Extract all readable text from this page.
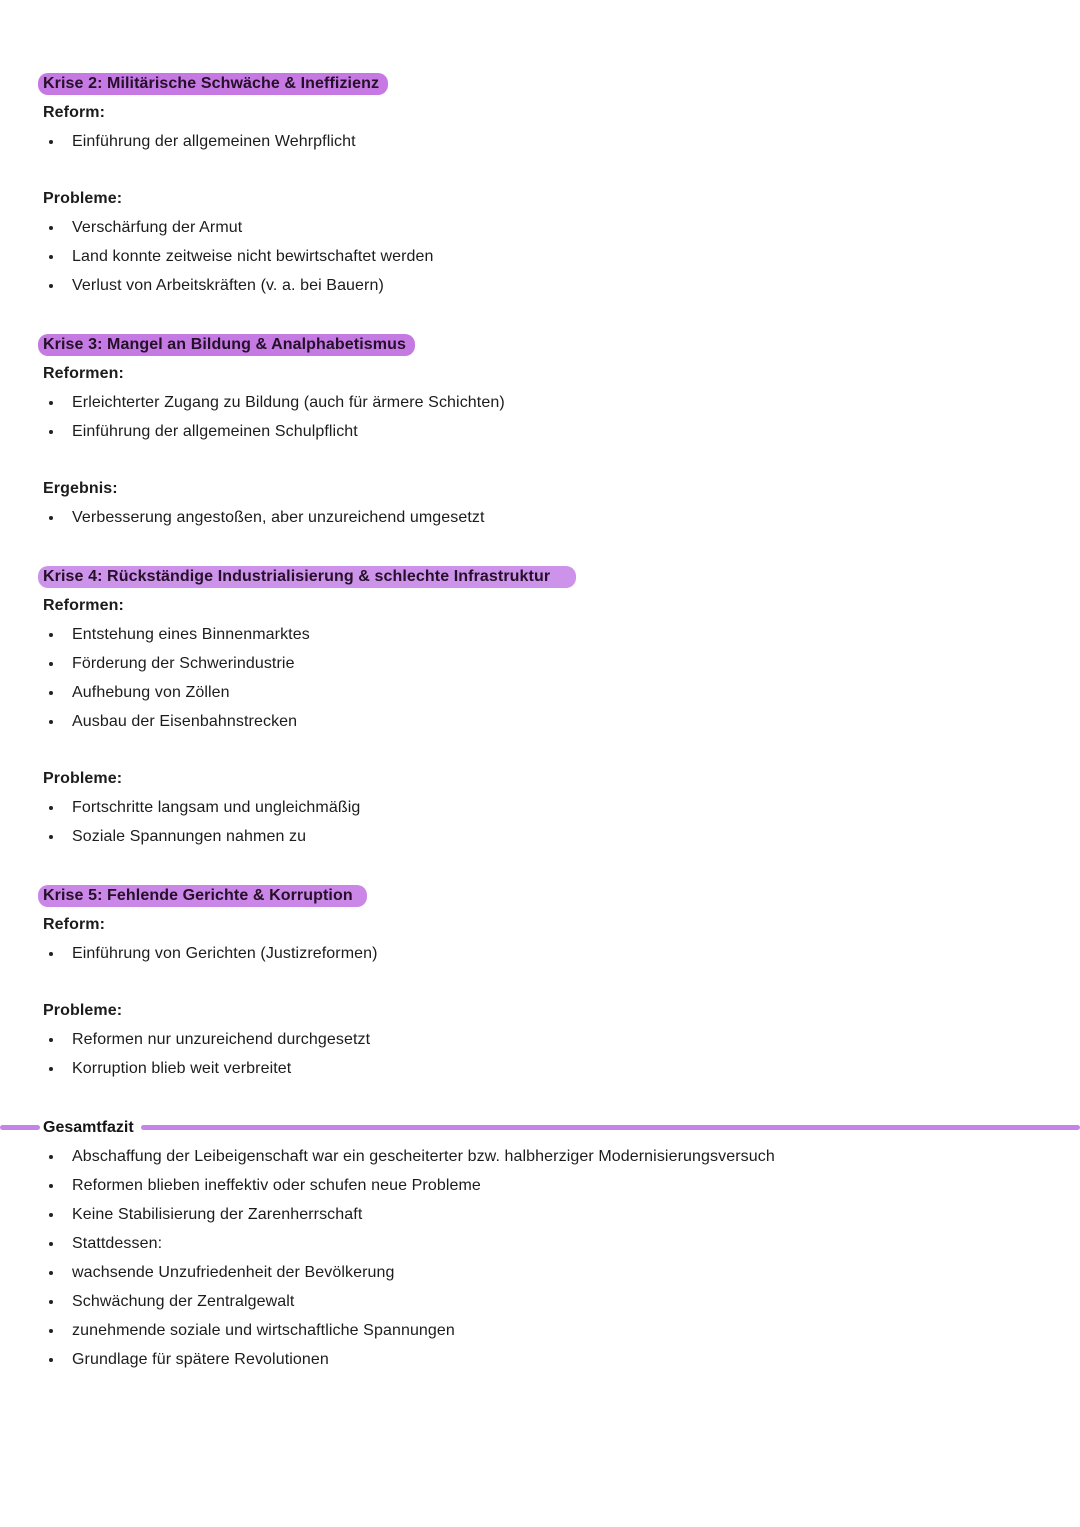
Krise 2: Militärische Schwäche & Ineffizienz
Reform:
Einführung der allgemeinen Wehrpflicht
Probleme:
Verschärfung der Armut
Land konnte zeitweise nicht bewirtschaftet werden
Verlust von Arbeitskräften (v. a. bei Bauern)
Krise 3: Mangel an Bildung & Analphabetismus
Reformen:
Erleichterter Zugang zu Bildung (auch für ärmere Schichten)
Einführung der allgemeinen Schulpflicht
Ergebnis:
Verbesserung angestoßen, aber unzureichend umgesetzt
Krise 4: Rückständige Industrialisierung & schlechte Infrastruktur
Reformen:
Entstehung eines Binnenmarktes
Förderung der Schwerindustrie
Aufhebung von Zöllen
Ausbau der Eisenbahnstrecken
Probleme:
Fortschritte langsam und ungleichmäßig
Soziale Spannungen nahmen zu
Krise 5: Fehlende Gerichte & Korruption
Reform:
Einführung von Gerichten (Justizreformen)
Probleme:
Reformen nur unzureichend durchgesetzt
Korruption blieb weit verbreitet
Gesamtfazit
Abschaffung der Leibeigenschaft war ein gescheiterter bzw. halbherziger Modernisierungsversuch
Reformen blieben ineffektiv oder schufen neue Probleme
Keine Stabilisierung der Zarenherrschaft
Stattdessen:
wachsende Unzufriedenheit der Bevölkerung
Schwächung der Zentralgewalt
zunehmende soziale und wirtschaftliche Spannungen
Grundlage für spätere Revolutionen
